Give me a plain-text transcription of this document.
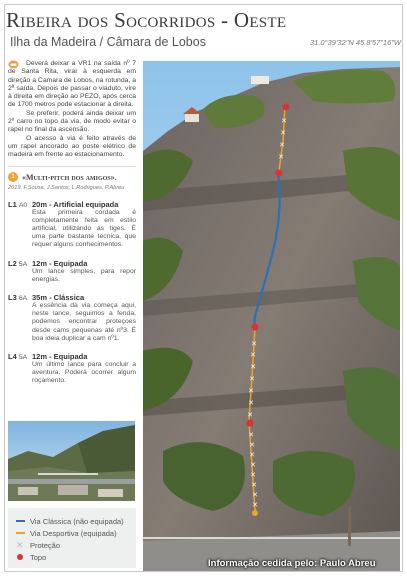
Ribeira dos Socorridos - Oeste
Ilha da Madeira / Câmara de Lobos	31.0°39'32"N 45.8'57"16"W

Deverá deixar a VR1 na saída nº 7 de Santa Rita, virar à esquerda em direção a Camara de Lobos, na rotunda, a 2ª saída. Depois de passar o viaduto, vire à direita em direção ao PEZO, após cerca de 1700 metros pode estacionar à direita.

Se preferir, poderá ainda deixar um 2º carro no topo da via, de modo evitar o rapel no final da ascensão.

O acesso à via é feito através de um rapel ancorado ao poste elétrico de madeira em frente ao estacionamento.

1 «Multi-pitch dos amigos».
2019. F.Sousa, J.Santos, L.Rodrigues, P.Abreu
L1 A0 20m - Artificial equipada
Esta primeira cordada é completamente feita em estilo artificial, utilizando as tiges. É uma parte bastante tecnica, que requer alguns conhecimentos.
L2 5A 12m - Equipada
Um lance simples, para repor energias.
L3 6A 35m - Clássica
A essência da via começa aqui, neste lance, seguimos a fenda, podemos encontrar proteçoes desde cams pequenas até nº3. É boa ideia duplicar a cam nº1.
L4 5A 12m - Equipada
Um último lance para concluir a aventura. Poderá ocorrer algum roçamento.
Via Clássica (não equipada)
Via Desportiva (equipada)
✕ Proteção
Topo
✕
✕
✕
✕
✕
✕
✕
✕
✕
✕
✕
✕
✕
✕
✕
✕
✕
✕
✕
Informação cedida pelo: Paulo Abreu
